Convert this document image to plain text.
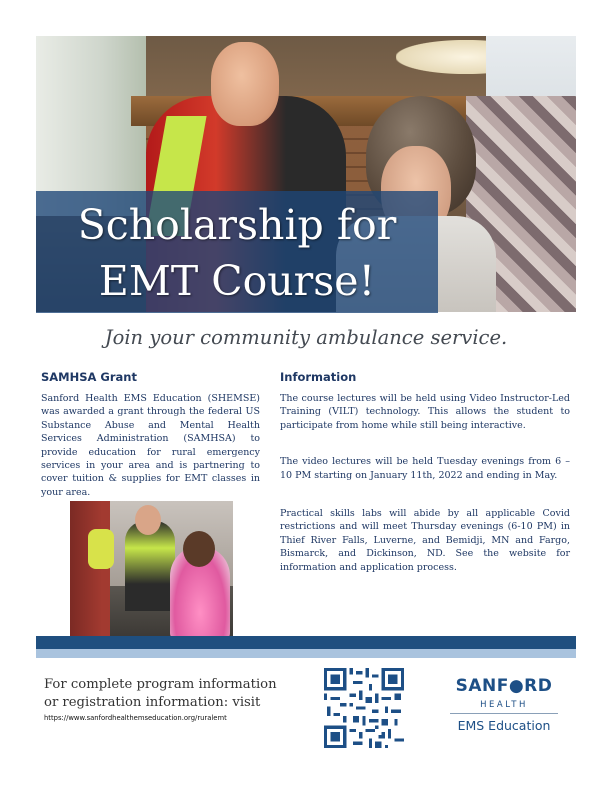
Scholarship for

EMT Course!

Join your community ambulance service.
SAMHSA Grant

Sanford Health EMS Education (SHEMSE) was awarded a grant through the federal US Substance Abuse and Mental Health Services Administration (SAMHSA) to provide education for rural emergency services in your area and is partnering to cover tuition & supplies for EMT classes in your area.

Information

The course lectures will be held using Video Instructor-Led Training (VILT) technology. This allows the student to participate from home while still being interactive.

The video lectures will be held Tuesday evenings from 6 – 10 PM starting on January 11th, 2022 and ending in May.

Practical skills labs will abide by all applicable Covid restrictions and will meet Thursday evenings (6-10 PM) in Thief River Falls, Luverne, and Bemidji, MN and Fargo, Bismarck, and Dickinson, ND. See the website for information and application process.

For complete program information or registration information: visit
https://www.sanfordhealthemseducation.org/ruralemt
SANF●RD
HEALTH
EMS Education
